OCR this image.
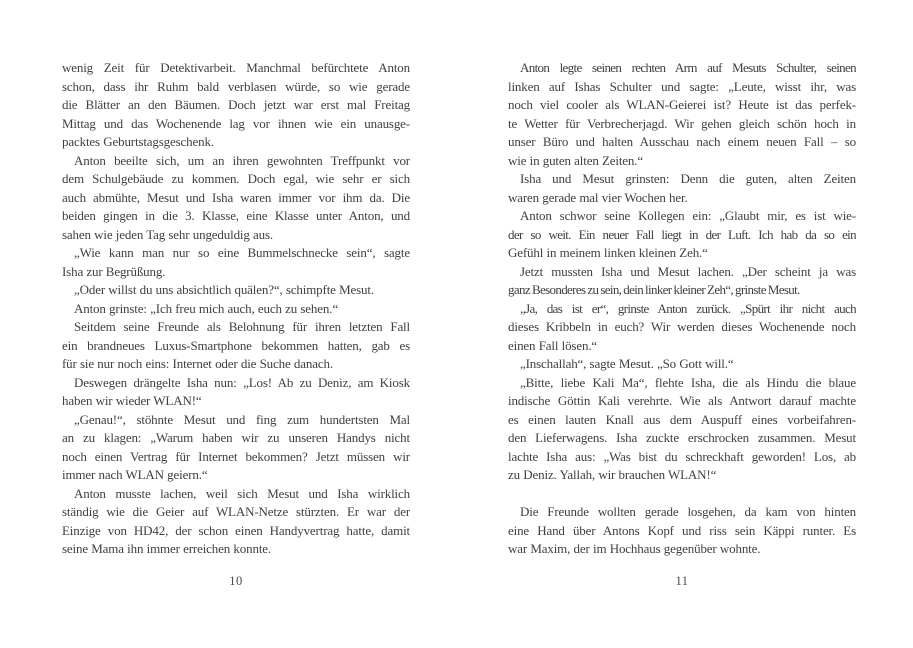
wenig Zeit für Detektivarbeit. Manchmal befürchtete Anton
schon, dass ihr Ruhm bald verblasen würde, so wie gerade
die Blätter an den Bäumen. Doch jetzt war erst mal Freitag
Mittag und das Wochenende lag vor ihnen wie ein unausge-
packtes Geburtstagsgeschenk.
Anton beeilte sich, um an ihren gewohnten Treffpunkt vor
dem Schulgebäude zu kommen. Doch egal, wie sehr er sich
auch abmühte, Mesut und Isha waren immer vor ihm da. Die
beiden gingen in die 3. Klasse, eine Klasse unter Anton, und
sahen wie jeden Tag sehr ungeduldig aus.
„Wie kann man nur so eine Bummelschnecke sein“, sagte
Isha zur Begrüßung.
„Oder willst du uns absichtlich quälen?“, schimpfte Mesut.
Anton grinste: „Ich freu mich auch, euch zu sehen.“
Seitdem seine Freunde als Belohnung für ihren letzten Fall
ein brandneues Luxus-Smartphone bekommen hatten, gab es
für sie nur noch eins: Internet oder die Suche danach.
Deswegen drängelte Isha nun: „Los! Ab zu Deniz, am Kiosk
haben wir wieder WLAN!“
„Genau!“, stöhnte Mesut und fing zum hundertsten Mal
an zu klagen: „Warum haben wir zu unseren Handys nicht
noch einen Vertrag für Internet bekommen? Jetzt müssen wir
immer nach WLAN geiern.“
Anton musste lachen, weil sich Mesut und Isha wirklich
ständig wie die Geier auf WLAN-Netze stürzten. Er war der
Einzige von HD42, der schon einen Handyvertrag hatte, damit
seine Mama ihn immer erreichen konnte.
10
Anton legte seinen rechten Arm auf Mesuts Schulter, seinen
linken auf Ishas Schulter und sagte: „Leute, wisst ihr, was
noch viel cooler als WLAN-Geierei ist? Heute ist das perfek-
te Wetter für Verbrecherjagd. Wir gehen gleich schön hoch in
unser Büro und halten Ausschau nach einem neuen Fall – so
wie in guten alten Zeiten.“
Isha und Mesut grinsten: Denn die guten, alten Zeiten
waren gerade mal vier Wochen her.
Anton schwor seine Kollegen ein: „Glaubt mir, es ist wie-
der so weit. Ein neuer Fall liegt in der Luft. Ich hab da so ein
Gefühl in meinem linken kleinen Zeh.“
Jetzt mussten Isha und Mesut lachen. „Der scheint ja was
ganz Besonderes zu sein, dein linker kleiner Zeh“, grinste Mesut.
„Ja, das ist er“, grinste Anton zurück. „Spürt ihr nicht auch
dieses Kribbeln in euch? Wir werden dieses Wochenende noch
einen Fall lösen.“
„Inschallah“, sagte Mesut. „So Gott will.“
„Bitte, liebe Kali Ma“, flehte Isha, die als Hindu die blaue
indische Göttin Kali verehrte. Wie als Antwort darauf machte
es einen lauten Knall aus dem Auspuff eines vorbeifahren-
den Lieferwagens. Isha zuckte erschrocken zusammen. Mesut
lachte Isha aus: „Was bist du schreckhaft geworden! Los, ab
zu Deniz. Yallah, wir brauchen WLAN!“

Die Freunde wollten gerade losgehen, da kam von hinten
eine Hand über Antons Kopf und riss sein Käppi runter. Es
war Maxim, der im Hochhaus gegenüber wohnte.
11
